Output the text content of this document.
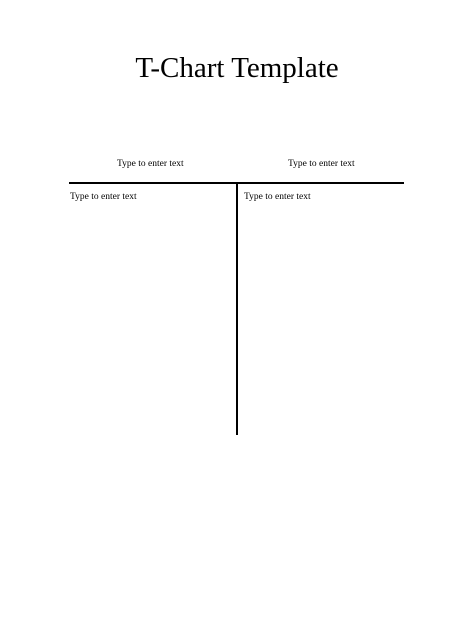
T-Chart Template
Type to enter text	Type to enter text
Type to enter text	Type to enter text
